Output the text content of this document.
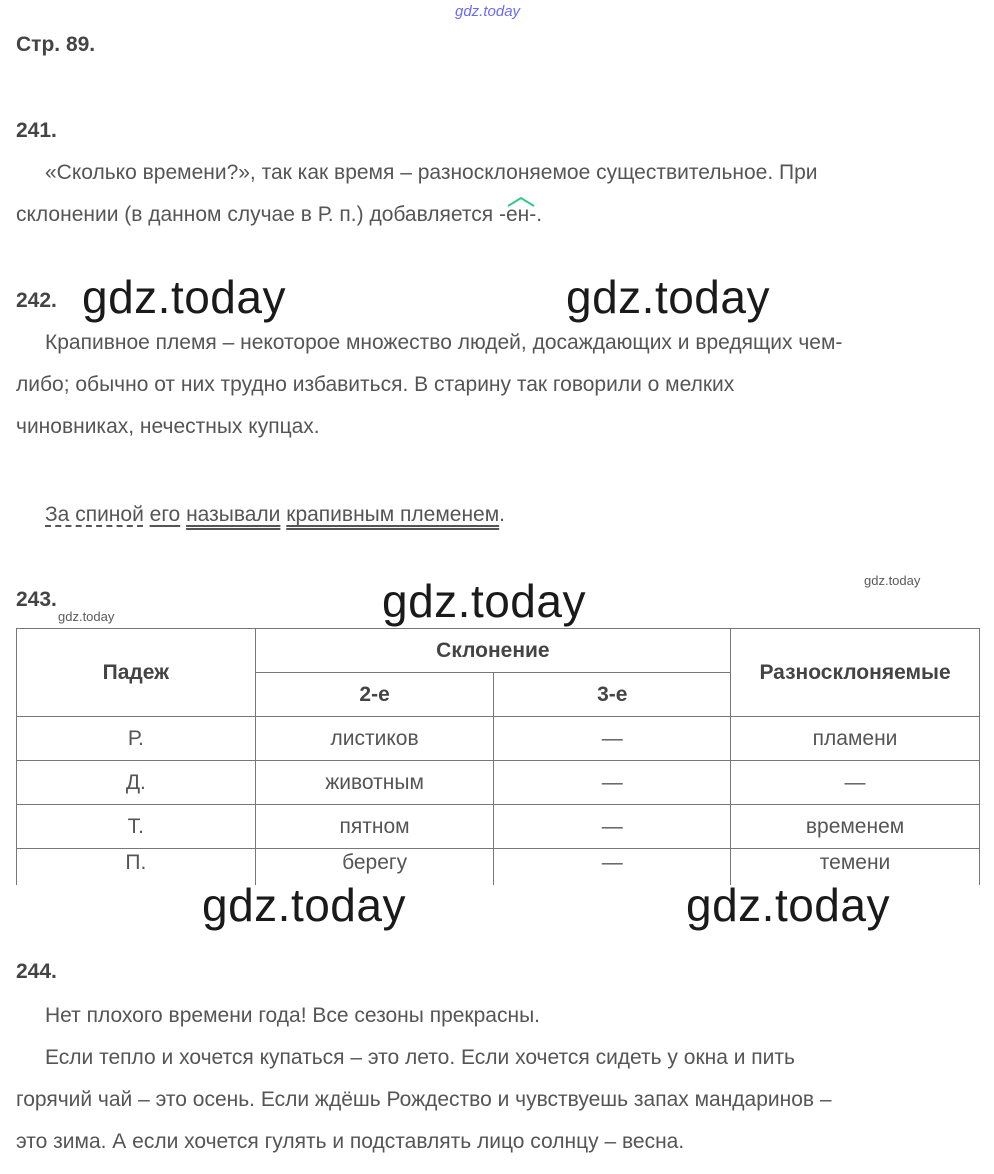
gdz.today
gdz.today	gdz.today
gdz.today	gdz.today
gdz.today
gdz.today	gdz.today
Стр. 89.
241.
«Сколько времени?», так как время – разносклоняемое существительное. При
склонении (в данном случае в Р. п.) добавляется -
ен-.
242.
Крапивное племя – некоторое множество людей, досаждающих и вредящих чем-
либо; обычно от них трудно избавиться. В старину так говорили о мелких
чиновниках, нечестных купцах.
За спиной его называли крапивным племенем.
243.
Падеж	Склонение		Разносклоняемые
	2-е	3-е	
Р.	листиков	—	пламени
Д.	животным	—	—
Т.	пятном	—	временем
П.	берегу	—	темени
244.
Нет плохого времени года! Все сезоны прекрасны.
Если тепло и хочется купаться – это лето. Если хочется сидеть у окна и пить
горячий чай – это осень. Если ждёшь Рождество и чувствуешь запах мандаринов –
это зима. А если хочется гулять и подставлять лицо солнцу – весна.
